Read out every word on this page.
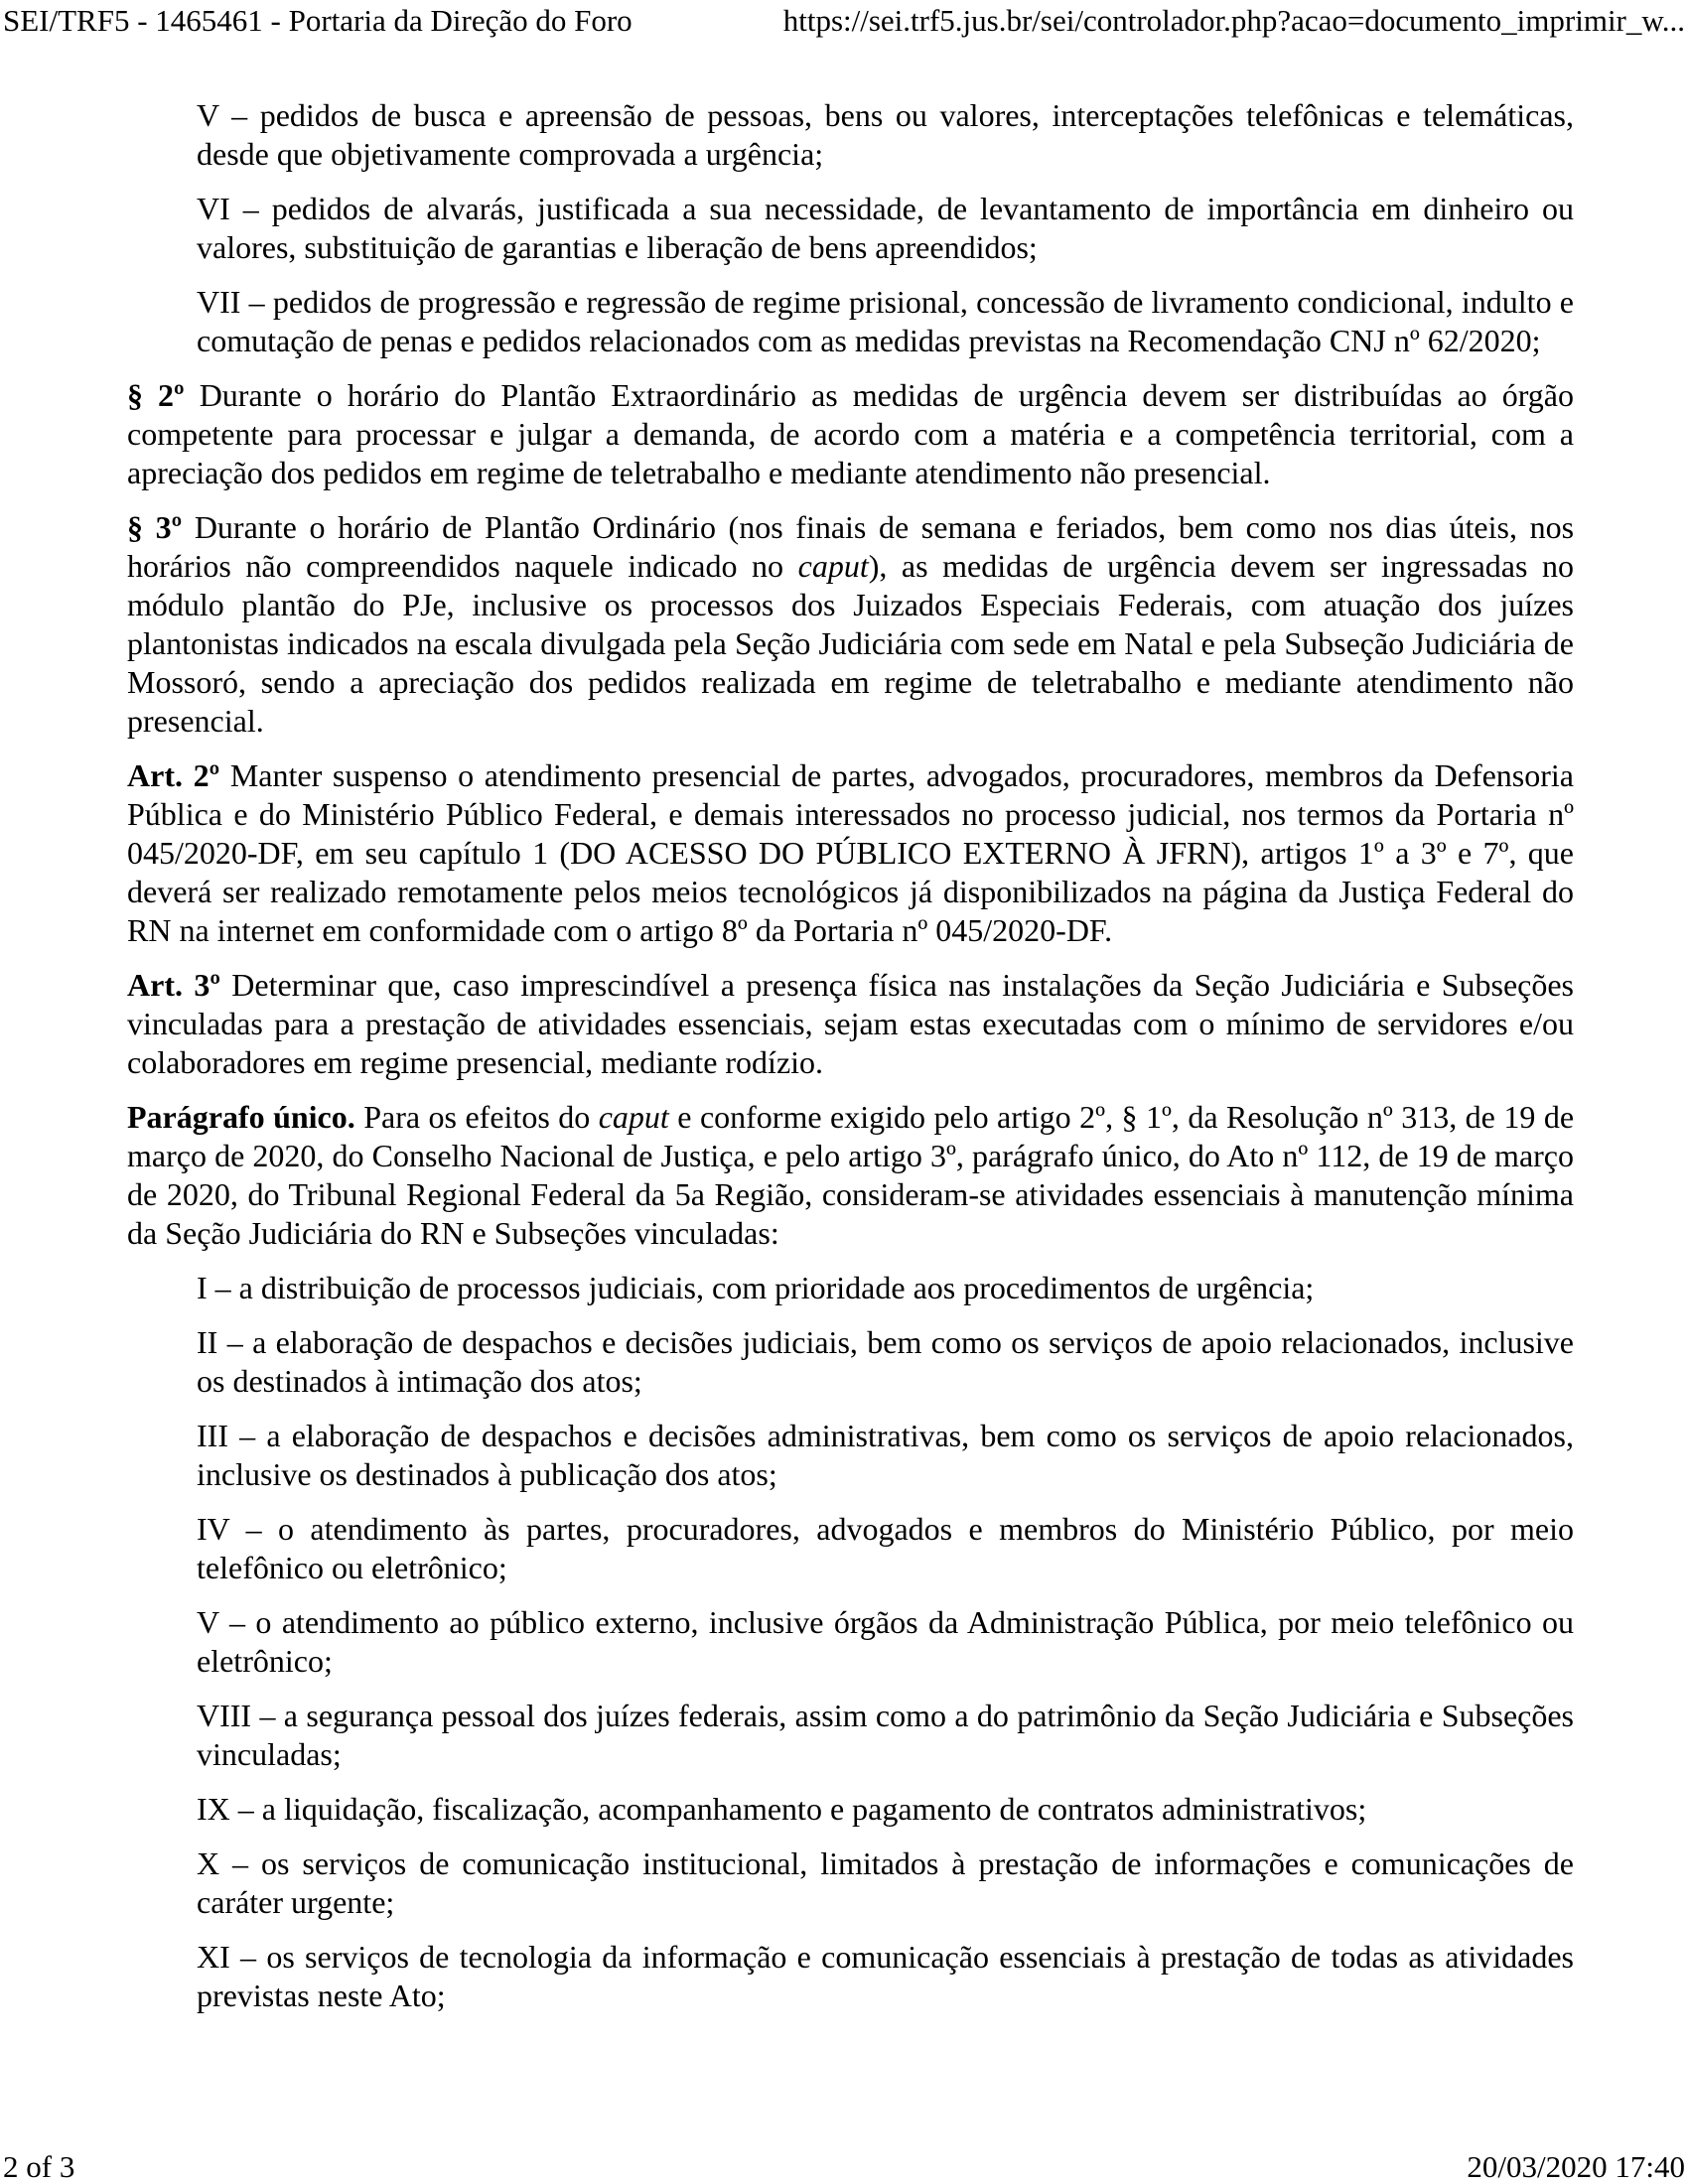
SEI/TRF5 - 1465461 - Portaria da Direção do Foro	https://sei.trf5.jus.br/sei/controlador.php?acao=documento_imprimir_w...

V – pedidos de busca e apreensão de pessoas, bens ou valores, interceptações telefônicas e telemáticas, desde que objetivamente comprovada a urgência;

VI – pedidos de alvarás, justificada a sua necessidade, de levantamento de importância em dinheiro ou valores, substituição de garantias e liberação de bens apreendidos;

VII – pedidos de progressão e regressão de regime prisional, concessão de livramento condicional, indulto e comutação de penas e pedidos relacionados com as medidas previstas na Recomendação CNJ nº 62/2020;

§ 2º Durante o horário do Plantão Extraordinário as medidas de urgência devem ser distribuídas ao órgão competente para processar e julgar a demanda, de acordo com a matéria e a competência territorial, com a apreciação dos pedidos em regime de teletrabalho e mediante atendimento não presencial.

§ 3º Durante o horário de Plantão Ordinário (nos finais de semana e feriados, bem como nos dias úteis, nos horários não compreendidos naquele indicado no caput), as medidas de urgência devem ser ingressadas no módulo plantão do PJe, inclusive os processos dos Juizados Especiais Federais, com atuação dos juízes plantonistas indicados na escala divulgada pela Seção Judiciária com sede em Natal e pela Subseção Judiciária de Mossoró, sendo a apreciação dos pedidos realizada em regime de teletrabalho e mediante atendimento não presencial.

Art. 2º Manter suspenso o atendimento presencial de partes, advogados, procuradores, membros da Defensoria Pública e do Ministério Público Federal, e demais interessados no processo judicial, nos termos da Portaria nº 045/2020-DF, em seu capítulo 1 (DO ACESSO DO PÚBLICO EXTERNO À JFRN), artigos 1º a 3º e 7º, que deverá ser realizado remotamente pelos meios tecnológicos já disponibilizados na página da Justiça Federal do RN na internet em conformidade com o artigo 8º da Portaria nº 045/2020-DF.

Art. 3º Determinar que, caso imprescindível a presença física nas instalações da Seção Judiciária e Subseções vinculadas para a prestação de atividades essenciais, sejam estas executadas com o mínimo de servidores e/ou colaboradores em regime presencial, mediante rodízio.

Parágrafo único. Para os efeitos do caput e conforme exigido pelo artigo 2º, § 1º, da Resolução nº 313, de 19 de março de 2020, do Conselho Nacional de Justiça, e pelo artigo 3º, parágrafo único, do Ato nº 112, de 19 de março de 2020, do Tribunal Regional Federal da 5a Região, consideram-se atividades essenciais à manutenção mínima da Seção Judiciária do RN e Subseções vinculadas:

I – a distribuição de processos judiciais, com prioridade aos procedimentos de urgência;

II – a elaboração de despachos e decisões judiciais, bem como os serviços de apoio relacionados, inclusive os destinados à intimação dos atos;

III – a elaboração de despachos e decisões administrativas, bem como os serviços de apoio relacionados, inclusive os destinados à publicação dos atos;

IV – o atendimento às partes, procuradores, advogados e membros do Ministério Público, por meio telefônico ou eletrônico;

V – o atendimento ao público externo, inclusive órgãos da Administração Pública, por meio telefônico ou eletrônico;

VIII – a segurança pessoal dos juízes federais, assim como a do patrimônio da Seção Judiciária e Subseções vinculadas;

IX – a liquidação, fiscalização, acompanhamento e pagamento de contratos administrativos;

X – os serviços de comunicação institucional, limitados à prestação de informações e comunicações de caráter urgente;

XI – os serviços de tecnologia da informação e comunicação essenciais à prestação de todas as atividades previstas neste Ato;

2 of 3	20/03/2020 17:40
